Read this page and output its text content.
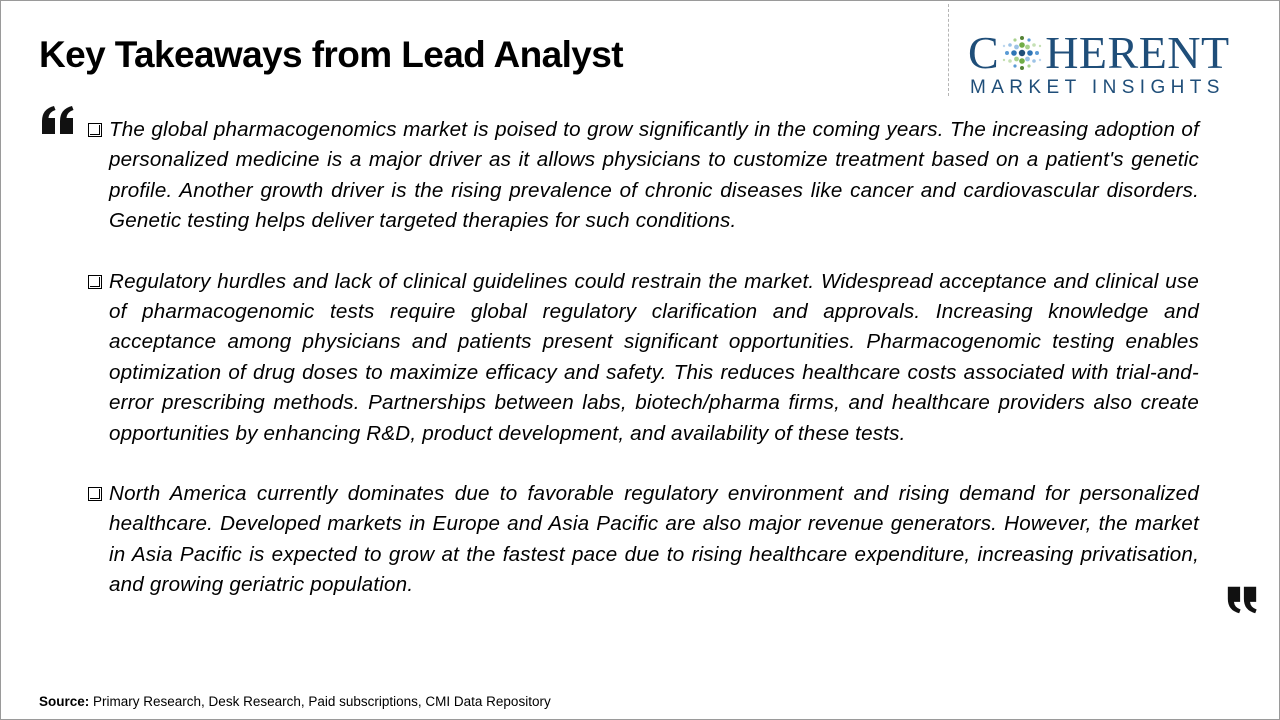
Key Takeaways from Lead Analyst	C HERENT
MARKET INSIGHTS

The global pharmacogenomics market is poised to grow significantly in the coming years. The increasing adoption of personalized medicine is a major driver as it allows physicians to customize treatment based on a patient's genetic profile. Another growth driver is the rising prevalence of chronic diseases like cancer and cardiovascular disorders. Genetic testing helps deliver targeted therapies for such conditions.

Regulatory hurdles and lack of clinical guidelines could restrain the market. Widespread acceptance and clinical use of pharmacogenomic tests require global regulatory clarification and approvals. Increasing knowledge and acceptance among physicians and patients present significant opportunities. Pharmacogenomic testing enables optimization of drug doses to maximize efficacy and safety. This reduces healthcare costs associated with trial-and-error prescribing methods. Partnerships between labs, biotech/pharma firms, and healthcare providers also create opportunities by enhancing R&D, product development, and availability of these tests.

North America currently dominates due to favorable regulatory environment and rising demand for personalized healthcare. Developed markets in Europe and Asia Pacific are also major revenue generators. However, the market in Asia Pacific is expected to grow at the fastest pace due to rising healthcare expenditure, increasing privatisation, and growing geriatric population.

Source: Primary Research, Desk Research, Paid subscriptions, CMI Data Repository
